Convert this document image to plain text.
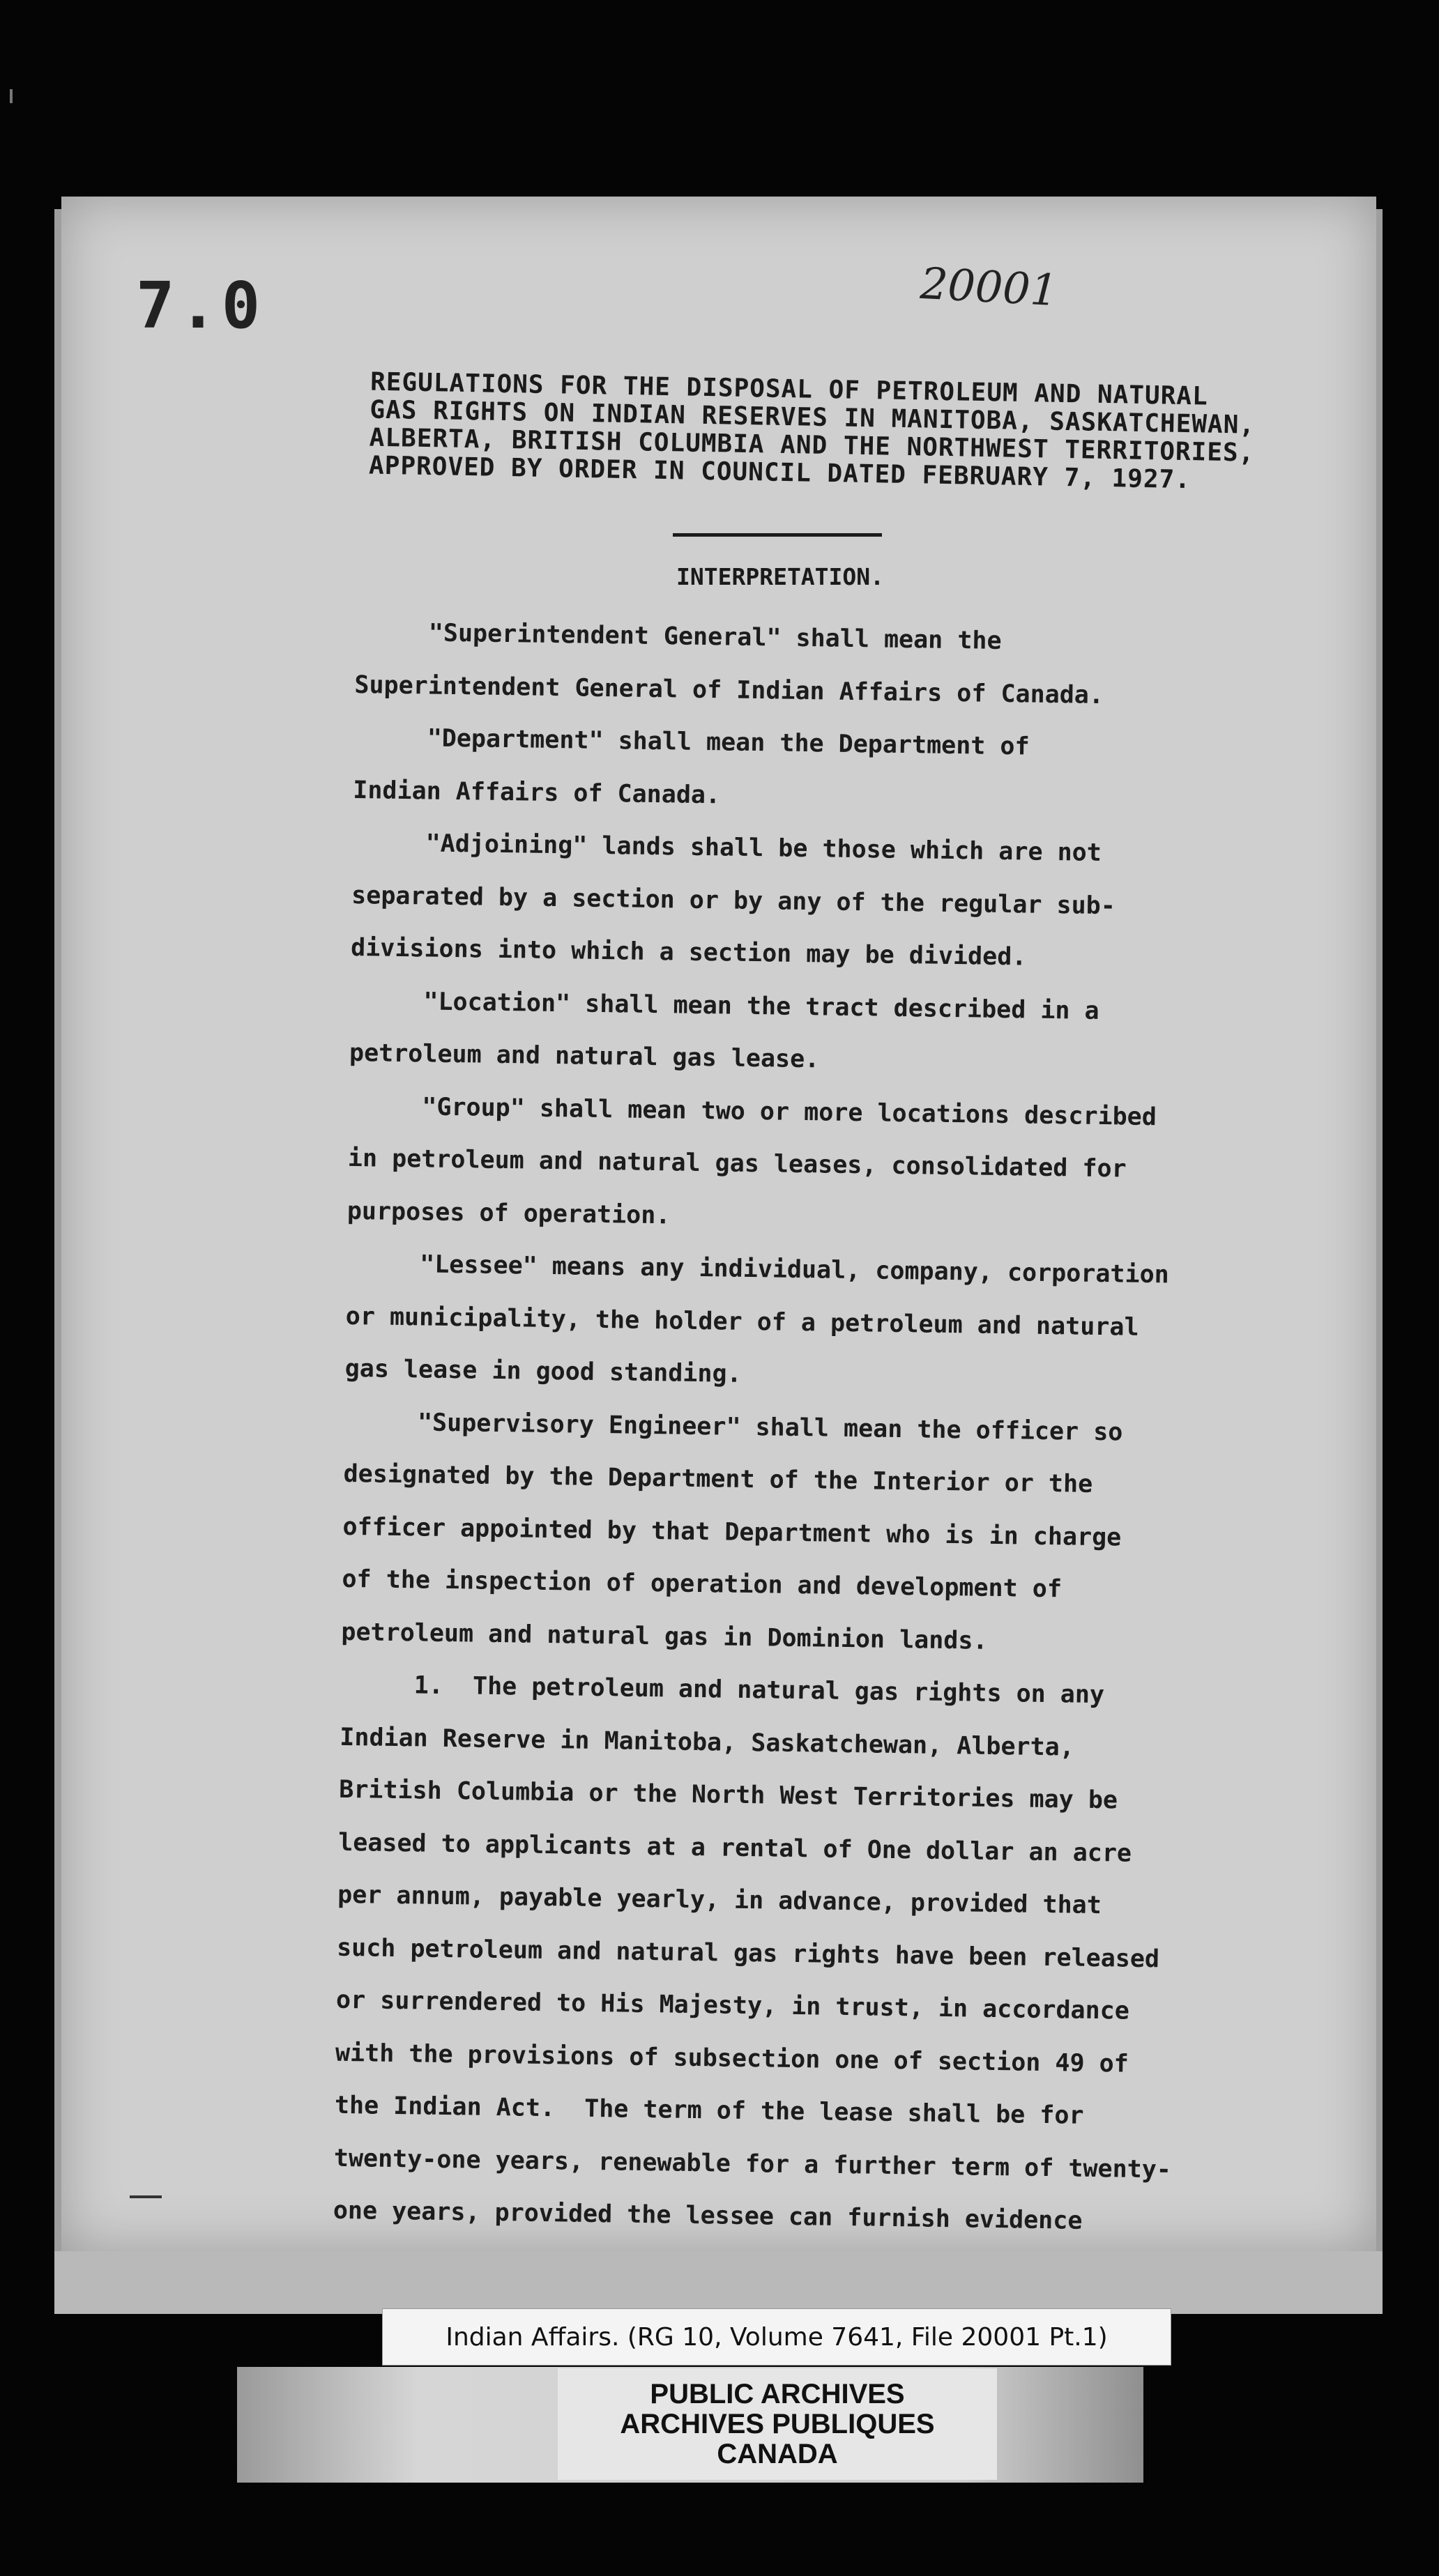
7.0	20001
REGULATIONS FOR THE DISPOSAL OF PETROLEUM AND NATURAL
GAS RIGHTS ON INDIAN RESERVES IN MANITOBA, SASKATCHEWAN,
ALBERTA, BRITISH COLUMBIA AND THE NORTHWEST TERRITORIES,
APPROVED BY ORDER IN COUNCIL DATED FEBRUARY 7, 1927.
INTERPRETATION.

"Superintendent General" shall mean the

Superintendent General of Indian Affairs of Canada.

"Department" shall mean the Department of

Indian Affairs of Canada.

"Adjoining" lands shall be those which are not

separated by a section or by any of the regular sub-

divisions into which a section may be divided.

"Location" shall mean the tract described in a

petroleum and natural gas lease.

"Group" shall mean two or more locations described

in petroleum and natural gas leases, consolidated for

purposes of operation.

"Lessee" means any individual, company, corporation

or municipality, the holder of a petroleum and natural

gas lease in good standing.

"Supervisory Engineer" shall mean the officer so

designated by the Department of the Interior or the

officer appointed by that Department who is in charge

of the inspection of operation and development of

petroleum and natural gas in Dominion lands.

1.  The petroleum and natural gas rights on any

Indian Reserve in Manitoba, Saskatchewan, Alberta,

British Columbia or the North West Territories may be

leased to applicants at a rental of One dollar an acre

per annum, payable yearly, in advance, provided that

such petroleum and natural gas rights have been released

or surrendered to His Majesty, in trust, in accordance

with the provisions of subsection one of section 49 of

the Indian Act.  The term of the lease shall be for

twenty-one years, renewable for a further term of twenty-

one years, provided the lessee can furnish evidence

Indian Affairs. (RG 10, Volume 7641, File 20001 Pt.1)
PUBLIC ARCHIVES
ARCHIVES PUBLIQUES
CANADA
